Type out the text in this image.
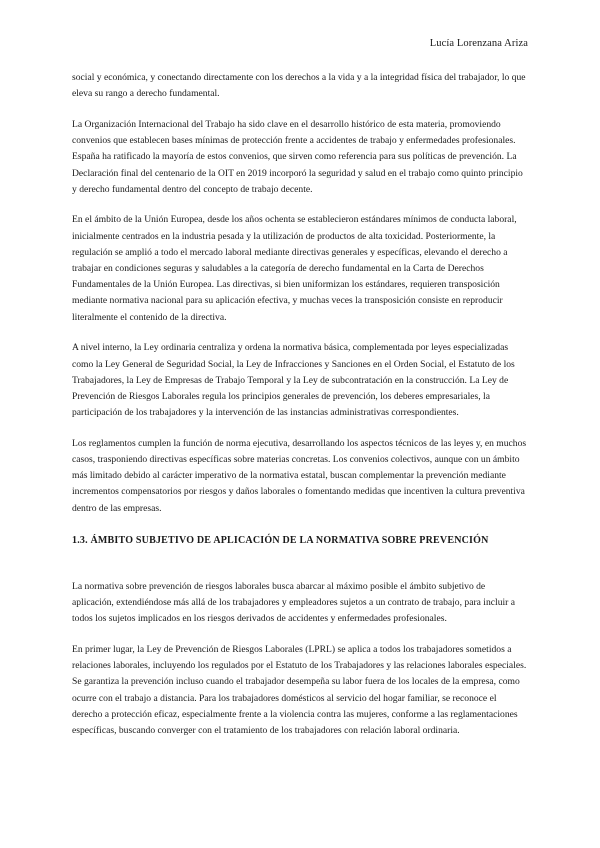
Lucía Lorenzana Ariza

social y económica, y conectando directamente con los derechos a la vida y a la integridad física del trabajador, lo que eleva su rango a derecho fundamental.

La Organización Internacional del Trabajo ha sido clave en el desarrollo histórico de esta materia, promoviendo convenios que establecen bases mínimas de protección frente a accidentes de trabajo y enfermedades profesionales. España ha ratificado la mayoría de estos convenios, que sirven como referencia para sus políticas de prevención. La Declaración final del centenario de la OIT en 2019 incorporó la seguridad y salud en el trabajo como quinto principio y derecho fundamental dentro del concepto de trabajo decente.

En el ámbito de la Unión Europea, desde los años ochenta se establecieron estándares mínimos de conducta laboral, inicialmente centrados en la industria pesada y la utilización de productos de alta toxicidad. Posteriormente, la regulación se amplió a todo el mercado laboral mediante directivas generales y específicas, elevando el derecho a trabajar en condiciones seguras y saludables a la categoría de derecho fundamental en la Carta de Derechos Fundamentales de la Unión Europea. Las directivas, si bien uniformizan los estándares, requieren transposición mediante normativa nacional para su aplicación efectiva, y muchas veces la transposición consiste en reproducir literalmente el contenido de la directiva.

A nivel interno, la Ley ordinaria centraliza y ordena la normativa básica, complementada por leyes especializadas como la Ley General de Seguridad Social, la Ley de Infracciones y Sanciones en el Orden Social, el Estatuto de los Trabajadores, la Ley de Empresas de Trabajo Temporal y la Ley de subcontratación en la construcción. La Ley de Prevención de Riesgos Laborales regula los principios generales de prevención, los deberes empresariales, la participación de los trabajadores y la intervención de las instancias administrativas correspondientes.

Los reglamentos cumplen la función de norma ejecutiva, desarrollando los aspectos técnicos de las leyes y, en muchos casos, trasponiendo directivas específicas sobre materias concretas. Los convenios colectivos, aunque con un ámbito más limitado debido al carácter imperativo de la normativa estatal, buscan complementar la prevención mediante incrementos compensatorios por riesgos y daños laborales o fomentando medidas que incentiven la cultura preventiva dentro de las empresas.

1.3. ÁMBITO SUBJETIVO DE APLICACIÓN DE LA NORMATIVA SOBRE PREVENCIÓN

La normativa sobre prevención de riesgos laborales busca abarcar al máximo posible el ámbito subjetivo de aplicación, extendiéndose más allá de los trabajadores y empleadores sujetos a un contrato de trabajo, para incluir a todos los sujetos implicados en los riesgos derivados de accidentes y enfermedades profesionales.

En primer lugar, la Ley de Prevención de Riesgos Laborales (LPRL) se aplica a todos los trabajadores sometidos a relaciones laborales, incluyendo los regulados por el Estatuto de los Trabajadores y las relaciones laborales especiales. Se garantiza la prevención incluso cuando el trabajador desempeña su labor fuera de los locales de la empresa, como ocurre con el trabajo a distancia. Para los trabajadores domésticos al servicio del hogar familiar, se reconoce el derecho a protección eficaz, especialmente frente a la violencia contra las mujeres, conforme a las reglamentaciones específicas, buscando converger con el tratamiento de los trabajadores con relación laboral ordinaria.
